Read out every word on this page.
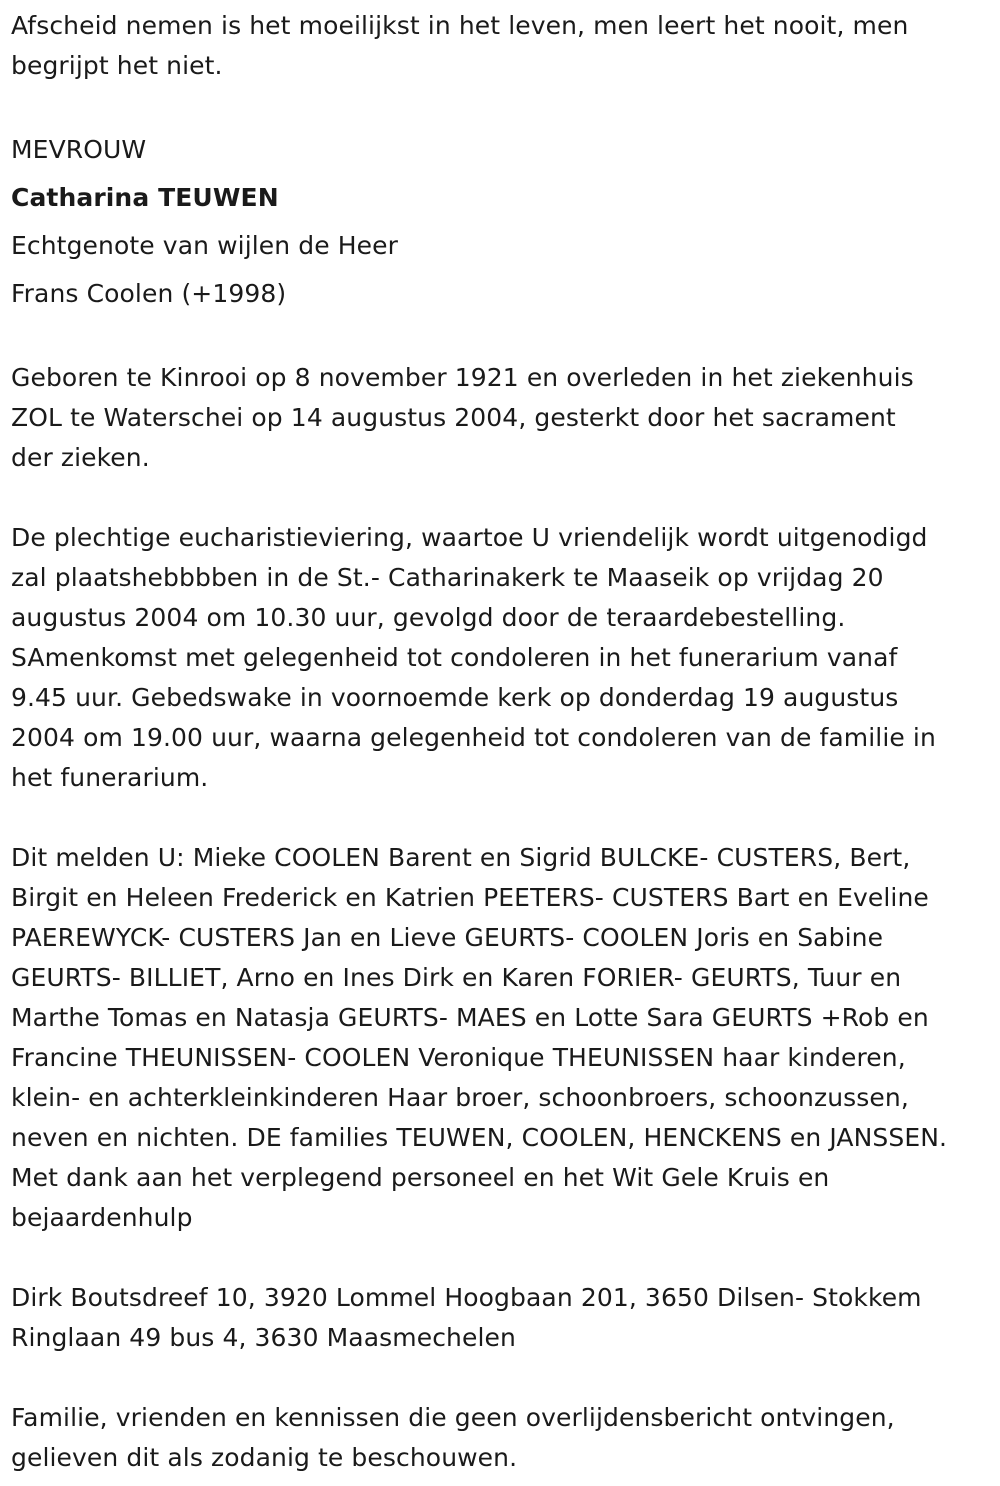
Afscheid nemen is het moeilijkst in het leven, men leert het nooit, men
begrijpt het niet.
MEVROUW
Catharina TEUWEN
Echtgenote van wijlen de Heer
Frans Coolen (+1998)
Geboren te Kinrooi op 8 november 1921 en overleden in het ziekenhuis
ZOL te Waterschei op 14 augustus 2004, gesterkt door het sacrament
der zieken.
De plechtige eucharistieviering, waartoe U vriendelijk wordt uitgenodigd
zal plaatshebbbben in de St.- Catharinakerk te Maaseik op vrijdag 20
augustus 2004 om 10.30 uur, gevolgd door de teraardebestelling.
SAmenkomst met gelegenheid tot condoleren in het funerarium vanaf
9.45 uur. Gebedswake in voornoemde kerk op donderdag 19 augustus
2004 om 19.00 uur, waarna gelegenheid tot condoleren van de familie in
het funerarium.
Dit melden U: Mieke COOLEN Barent en Sigrid BULCKE- CUSTERS, Bert,
Birgit en Heleen Frederick en Katrien PEETERS- CUSTERS Bart en Eveline
PAEREWYCK- CUSTERS Jan en Lieve GEURTS- COOLEN Joris en Sabine
GEURTS- BILLIET, Arno en Ines Dirk en Karen FORIER- GEURTS, Tuur en
Marthe Tomas en Natasja GEURTS- MAES en Lotte Sara GEURTS +Rob en
Francine THEUNISSEN- COOLEN Veronique THEUNISSEN haar kinderen,
klein- en achterkleinkinderen Haar broer, schoonbroers, schoonzussen,
neven en nichten. DE families TEUWEN, COOLEN, HENCKENS en JANSSEN.
Met dank aan het verplegend personeel en het Wit Gele Kruis en
bejaardenhulp
Dirk Boutsdreef 10, 3920 Lommel Hoogbaan 201, 3650 Dilsen- Stokkem
Ringlaan 49 bus 4, 3630 Maasmechelen
Familie, vrienden en kennissen die geen overlijdensbericht ontvingen,
gelieven dit als zodanig te beschouwen.
